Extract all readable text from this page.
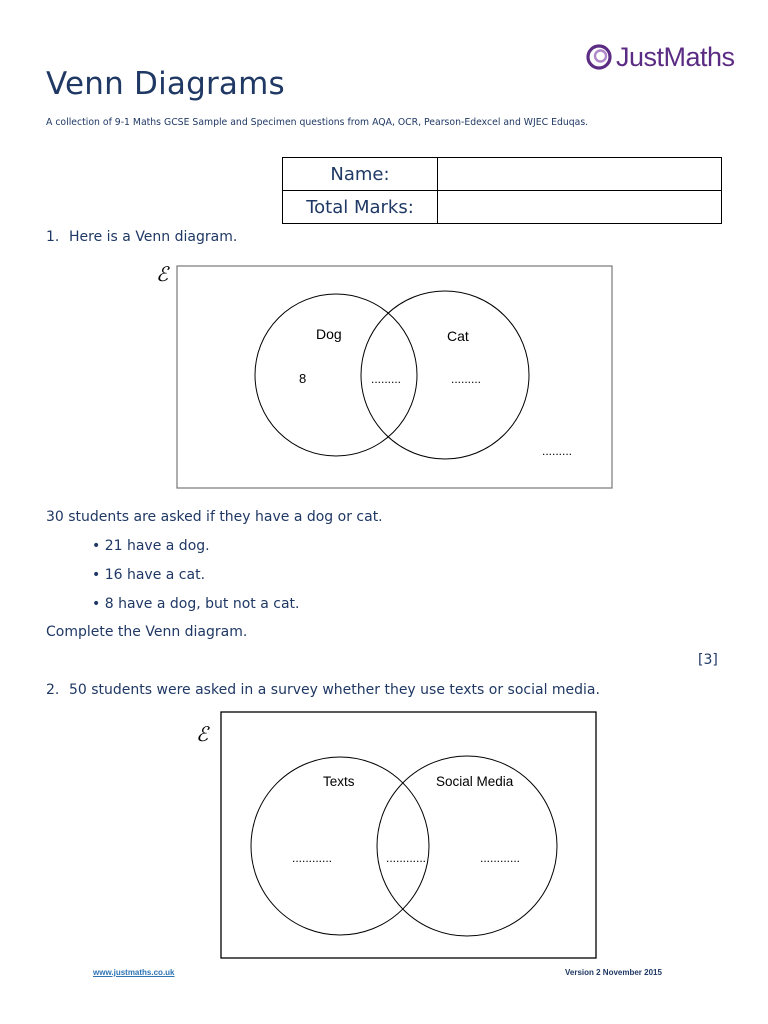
JustMaths
Venn Diagrams
A collection of 9-1 Maths GCSE Sample and Specimen questions from AQA, OCR, Pearson-Edexcel and WJEC Eduqas.
Name:	
Total Marks:	
1. Here is a Venn diagram.
ℰ
Dog	Cat
8	.........	.........
.........
30 students are asked if they have a dog or cat.
• 21 have a dog.
• 16 have a cat.
• 8 have a dog, but not a cat.
Complete the Venn diagram.
[3]
2. 50 students were asked in a survey whether they use texts or social media.
ℰ
Texts	Social Media
............	............	............
www.justmaths.co.uk	Version 2 November 2015
